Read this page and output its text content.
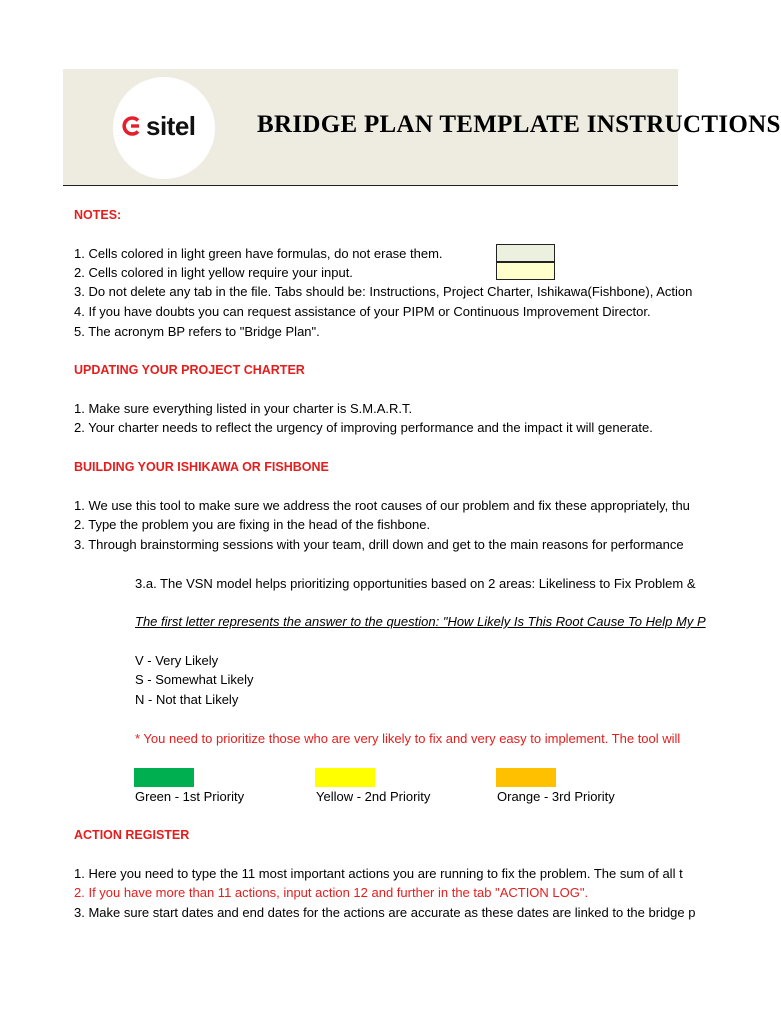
sitel BRIDGE PLAN TEMPLATE INSTRUCTIONS
NOTES:
1. Cells colored in light green have formulas, do not erase them.
2. Cells colored in light yellow require your input.
3. Do not delete any tab in the file. Tabs should be: Instructions, Project Charter, Ishikawa(Fishbone), Action
4. If you have doubts you can request assistance of your PIPM or Continuous Improvement Director.
5. The acronym BP refers to "Bridge Plan".
UPDATING YOUR PROJECT CHARTER
1. Make sure everything listed in your charter is S.M.A.R.T.
2. Your charter needs to reflect the urgency of improving performance and the impact it will generate.
BUILDING YOUR ISHIKAWA OR FISHBONE
1. We use this tool to make sure we address the root causes of our problem and fix these appropriately, thu
2. Type the problem you are fixing in the head of the fishbone.
3. Through brainstorming sessions with your team, drill down and get to the main reasons for performance
3.a. The VSN model helps prioritizing opportunities based on 2 areas: Likeliness to Fix Problem &
The first letter represents the answer to the question: "How Likely Is This Root Cause To Help My P
V - Very Likely
S - Somewhat Likely
N - Not that Likely
* You need to prioritize those who are very likely to fix and very easy to implement. The tool will
Green - 1st Priority	Yellow - 2nd Priority	Orange - 3rd Priority
ACTION REGISTER
1. Here you need to type the 11 most important actions you are running to fix the problem. The sum of all t
2. If you have more than 11 actions, input action 12 and further in the tab "ACTION LOG".
3. Make sure start dates and end dates for the actions are accurate as these dates are linked to the bridge p
